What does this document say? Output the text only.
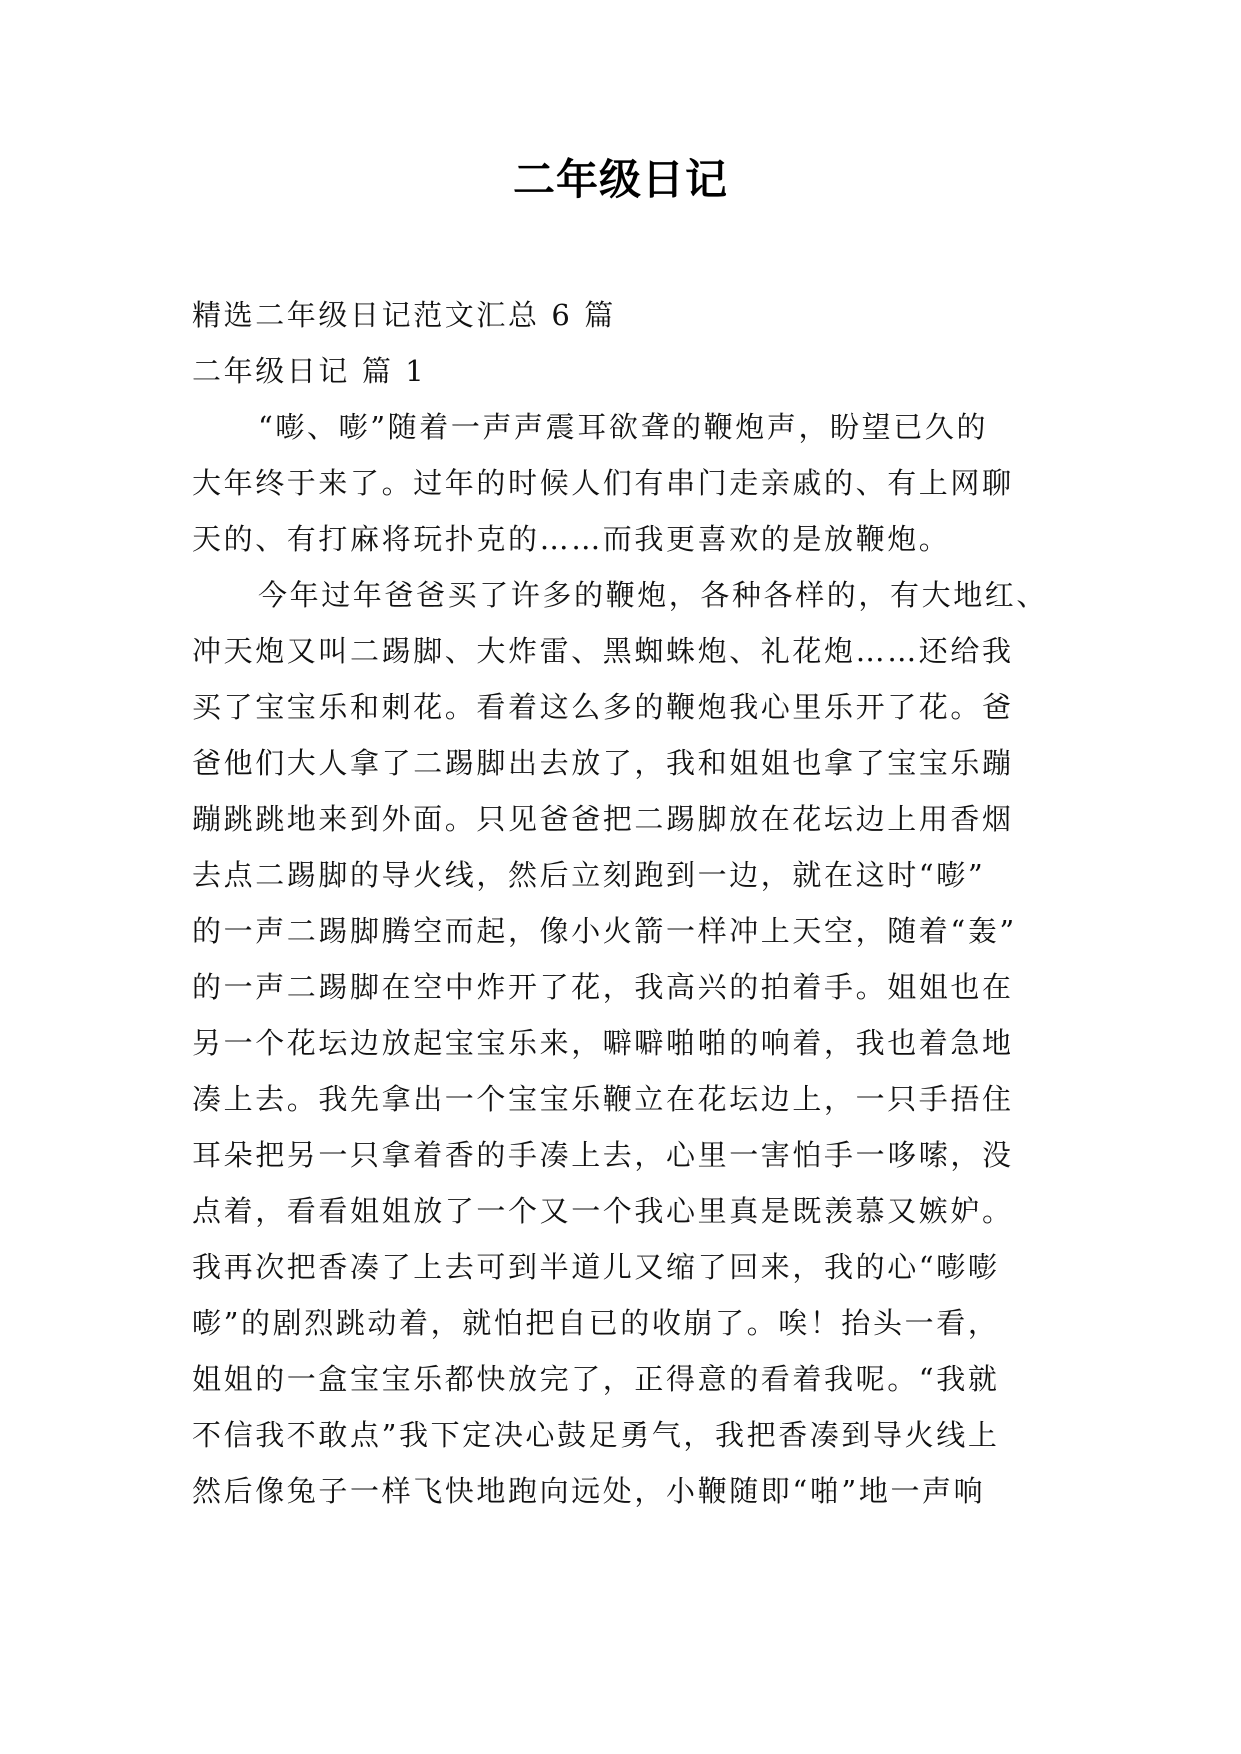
二年级日记
精选二年级日记范文汇总 6 篇
二年级日记 篇 1
“嘭、嘭”随着一声声震耳欲聋的鞭炮声，盼望已久的
大年终于来了。过年的时候人们有串门走亲戚的、有上网聊
天的、有打麻将玩扑克的……而我更喜欢的是放鞭炮。
今年过年爸爸买了许多的鞭炮，各种各样的，有大地红、
冲天炮又叫二踢脚、大炸雷、黑蜘蛛炮、礼花炮……还给我
买了宝宝乐和刺花。看着这么多的鞭炮我心里乐开了花。爸
爸他们大人拿了二踢脚出去放了，我和姐姐也拿了宝宝乐蹦
蹦跳跳地来到外面。只见爸爸把二踢脚放在花坛边上用香烟
去点二踢脚的导火线，然后立刻跑到一边，就在这时“嘭”
的一声二踢脚腾空而起，像小火箭一样冲上天空，随着“轰”
的一声二踢脚在空中炸开了花，我高兴的拍着手。姐姐也在
另一个花坛边放起宝宝乐来，噼噼啪啪的响着，我也着急地
凑上去。我先拿出一个宝宝乐鞭立在花坛边上，一只手捂住
耳朵把另一只拿着香的手凑上去，心里一害怕手一哆嗦，没
点着，看看姐姐放了一个又一个我心里真是既羡慕又嫉妒。
我再次把香凑了上去可到半道儿又缩了回来，我的心“嘭嘭
嘭”的剧烈跳动着，就怕把自已的收崩了。唉！抬头一看，
姐姐的一盒宝宝乐都快放完了，正得意的看着我呢。“我就
不信我不敢点”我下定决心鼓足勇气，我把香凑到导火线上
然后像兔子一样飞快地跑向远处，小鞭随即“啪”地一声响
